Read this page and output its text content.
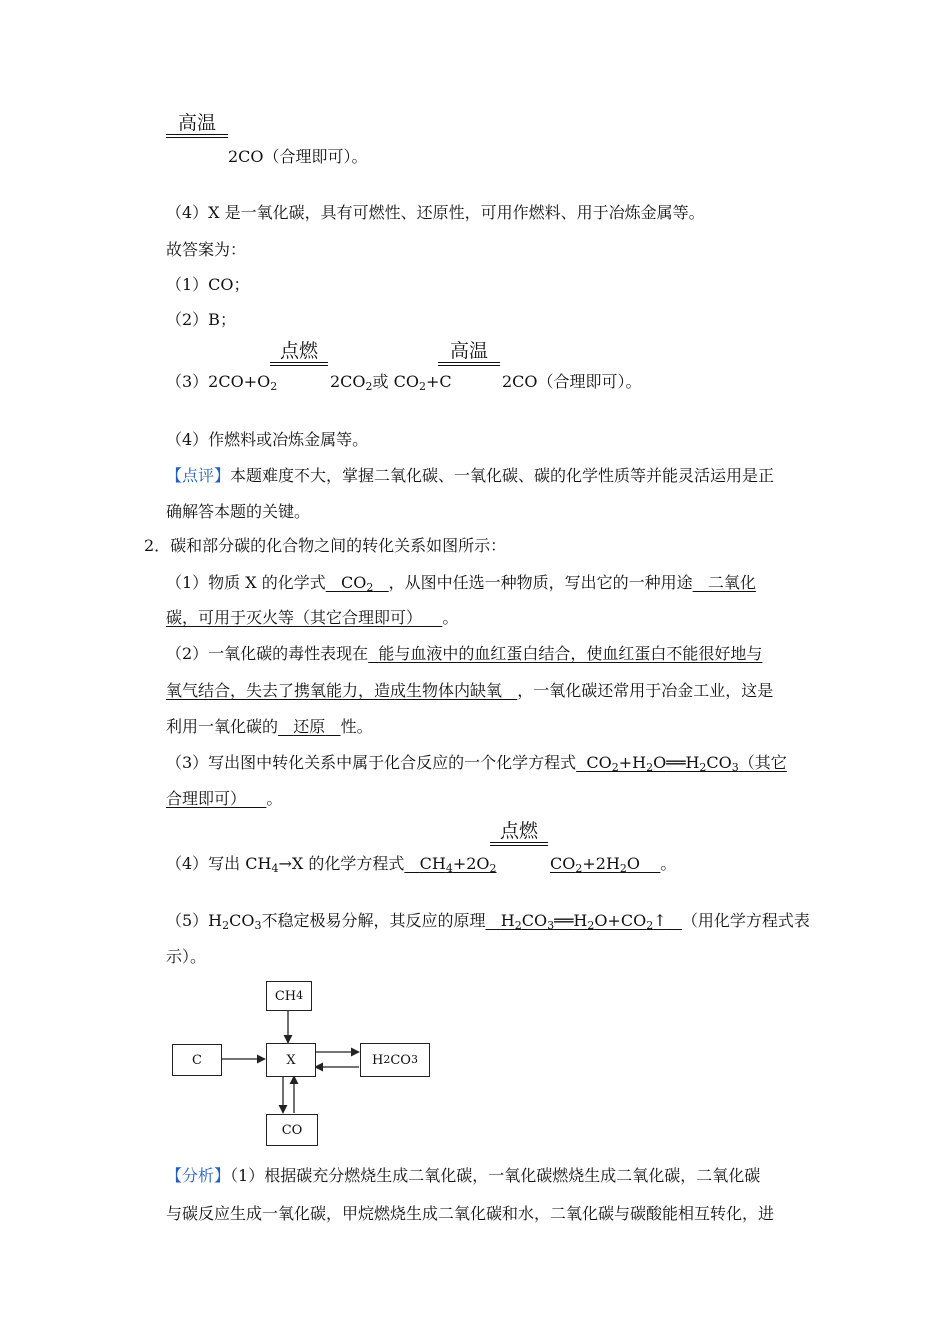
高温
2CO（合理即可）。
（4）X 是一氧化碳，具有可燃性、还原性，可用作燃料、用于冶炼金属等。
故答案为：
（1）CO；
（2）B；
点燃	高温
$(3)2CO+O_2$	$2CO_2$或 $CO_2+C$	2CO（合理即可）。
（4）作燃料或冶炼金属等。
【点评】本题难度不大，掌握二氧化碳、一氧化碳、碳的化学性质等并能灵活运用是正
确解答本题的关键。
2．碳和部分碳的化合物之间的转化关系如图所示：
（1）物质 X 的化学式 $CO_2$ ，从图中任选一种物质，写出它的一种用途 二氧化
碳，可用于灭火等（其它合理即可） 。
（2）一氧化碳的毒性表现在 能与血液中的血红蛋白结合，使血红蛋白不能很好地与
氧气结合，失去了携氧能力，造成生物体内缺氧 ，一氧化碳还常用于冶金工业，这是
利用一氧化碳的 还原 性。
（3）写出图中转化关系中属于化合反应的一个化学方程式 $CO_2+H_2O══H_2CO_3$（其它
合理即可） 。
点燃
（4）写出 $CH_4\to X$ 的化学方程式 $CH_4+2O_2$	$CO_2+2H_2O$ 。
$(5)H_2CO_3$不稳定极易分解，其反应的原理 $H_2CO_3══H_2O+CO_2↑$ （用化学方程式表
示）。
CH 4
C	X	H 2 CO 3
CO
【分析】（1）根据碳充分燃烧生成二氧化碳，一氧化碳燃烧生成二氧化碳，二氧化碳
与碳反应生成一氧化碳，甲烷燃烧生成二氧化碳和水，二氧化碳与碳酸能相互转化，进
